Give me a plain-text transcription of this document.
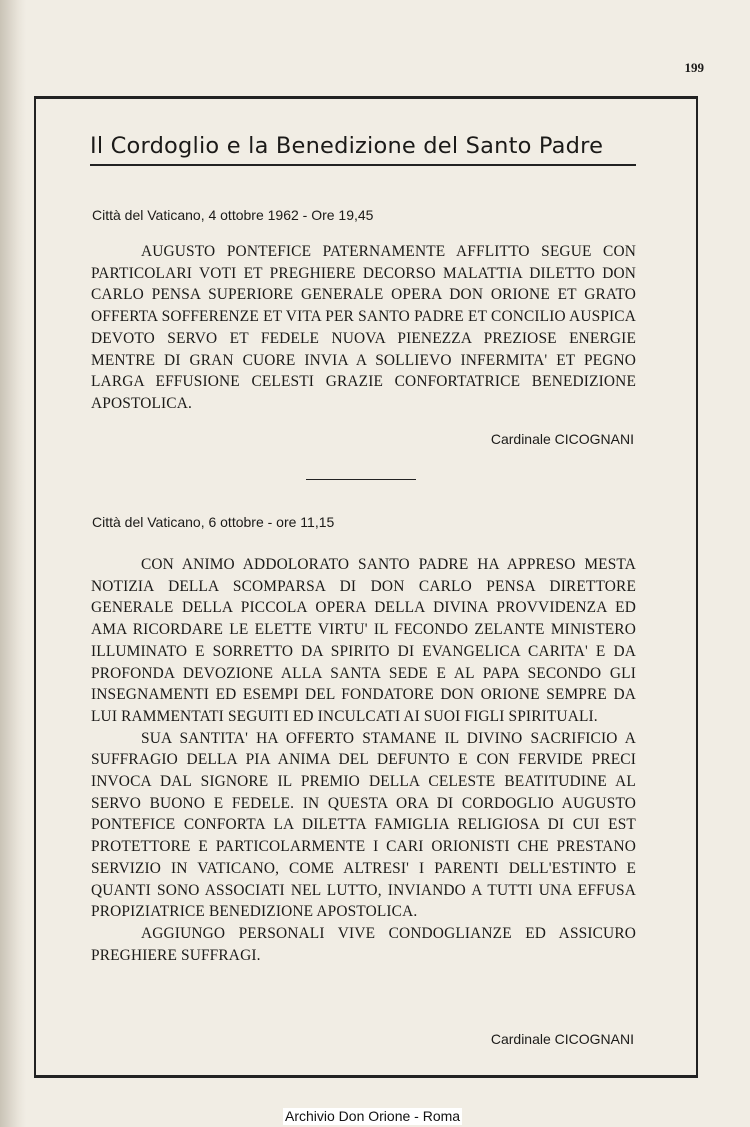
199
Il Cordoglio e la Benedizione del Santo Padre
Città del Vaticano, 4 ottobre 1962 - Ore 19,45

AUGUSTO PONTEFICE PATERNAMENTE AFFLITTO SEGUE CON PARTICOLARI VOTI ET PREGHIERE DECORSO MALATTIA DILETTO DON CARLO PENSA SUPERIORE GENERALE OPERA DON ORIONE ET GRATO OFFERTA SOFFERENZE ET VITA PER SANTO PADRE ET CONCILIO AUSPICA DEVOTO SERVO ET FEDELE NUOVA PIENEZZA PREZIOSE ENERGIE MENTRE DI GRAN CUORE INVIA A SOLLIEVO INFERMITA' ET PEGNO LARGA EFFUSIONE CELESTI GRAZIE CONFORTATRICE BENEDIZIONE APOSTOLICA.

Cardinale CICOGNANI
Città del Vaticano, 6 ottobre - ore 11,15

CON ANIMO ADDOLORATO SANTO PADRE HA APPRESO MESTA NOTIZIA DELLA SCOMPARSA DI DON CARLO PENSA DIRETTORE GENERALE DELLA PICCOLA OPERA DELLA DIVINA PROVVIDENZA ED AMA RICORDARE LE ELETTE VIRTU' IL FECONDO ZELANTE MINISTERO ILLUMINATO E SORRETTO DA SPIRITO DI EVANGELICA CARITA' E DA PROFONDA DEVOZIONE ALLA SANTA SEDE E AL PAPA SECONDO GLI INSEGNAMENTI ED ESEMPI DEL FONDATORE DON ORIONE SEMPRE DA LUI RAMMENTATI SEGUITI ED INCULCATI AI SUOI FIGLI SPIRITUALI.

SUA SANTITA' HA OFFERTO STAMANE IL DIVINO SACRIFICIO A SUFFRAGIO DELLA PIA ANIMA DEL DEFUNTO E CON FERVIDE PRECI INVOCA DAL SIGNORE IL PREMIO DELLA CELESTE BEATITUDINE AL SERVO BUONO E FEDELE. IN QUESTA ORA DI CORDOGLIO AUGUSTO PONTEFICE CONFORTA LA DILETTA FAMIGLIA RELIGIOSA DI CUI EST PROTETTORE E PARTICOLARMENTE I CARI ORIONISTI CHE PRESTANO SERVIZIO IN VATICANO, COME ALTRESI' I PARENTI DELL'ESTINTO E QUANTI SONO ASSOCIATI NEL LUTTO, INVIANDO A TUTTI UNA EFFUSA PROPIZIATRICE BENEDIZIONE APOSTOLICA.

AGGIUNGO PERSONALI VIVE CONDOGLIANZE ED ASSICURO PREGHIERE SUFFRAGI.

Cardinale CICOGNANI
Archivio Don Orione - Roma
